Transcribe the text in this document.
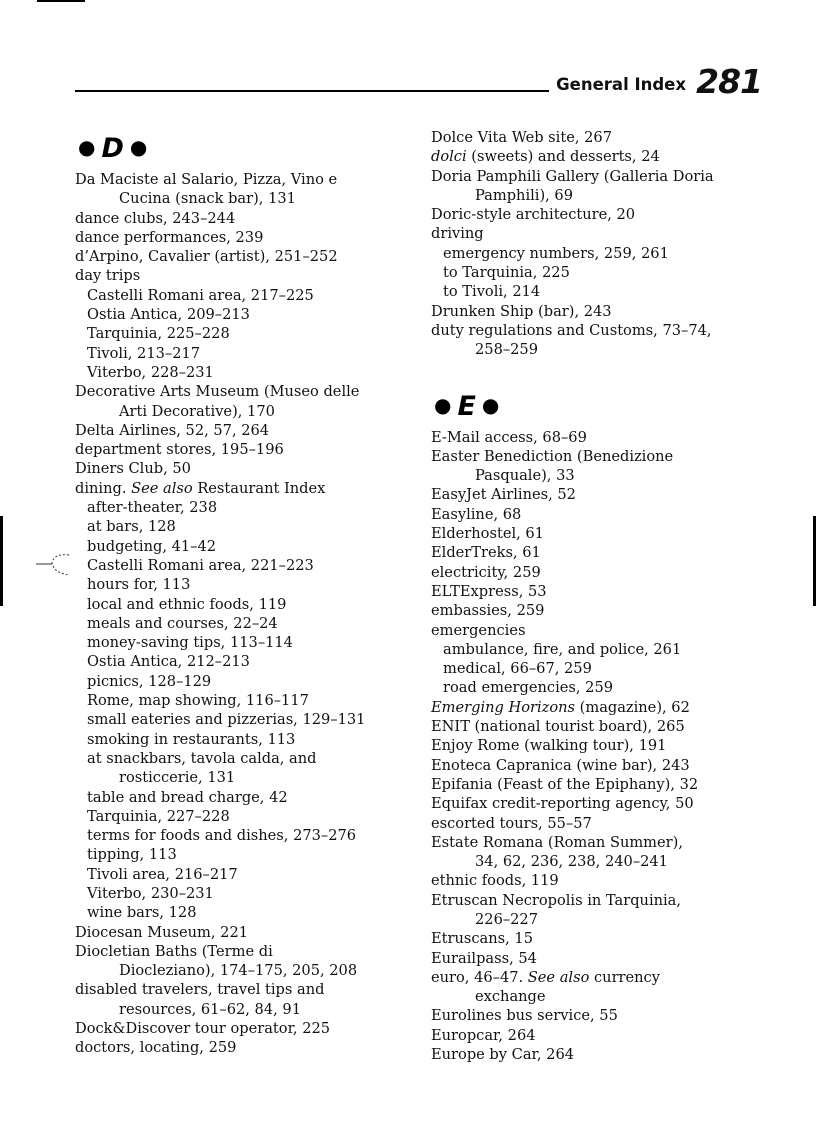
General Index 281
● D ●
Da Maciste al Salario, Pizza, Vino e
Cucina (snack bar), 131
dance clubs, 243–244
dance performances, 239
d’Arpino, Cavalier (artist), 251–252
day trips
Castelli Romani area, 217–225
Ostia Antica, 209–213
Tarquinia, 225–228
Tivoli, 213–217
Viterbo, 228–231
Decorative Arts Museum (Museo delle
Arti Decorative), 170
Delta Airlines, 52, 57, 264
department stores, 195–196
Diners Club, 50
dining. See also Restaurant Index
after-theater, 238
at bars, 128
budgeting, 41–42
Castelli Romani area, 221–223
hours for, 113
local and ethnic foods, 119
meals and courses, 22–24
money-saving tips, 113–114
Ostia Antica, 212–213
picnics, 128–129
Rome, map showing, 116–117
small eateries and pizzerias, 129–131
smoking in restaurants, 113
at snackbars, tavola calda, and
rosticcerie, 131
table and bread charge, 42
Tarquinia, 227–228
terms for foods and dishes, 273–276
tipping, 113
Tivoli area, 216–217
Viterbo, 230–231
wine bars, 128
Diocesan Museum, 221
Diocletian Baths (Terme di
Diocleziano), 174–175, 205, 208
disabled travelers, travel tips and
resources, 61–62, 84, 91
Dock&Discover tour operator, 225
doctors, locating, 259
Dolce Vita Web site, 267
dolci (sweets) and desserts, 24
Doria Pamphili Gallery (Galleria Doria
Pamphili), 69
Doric-style architecture, 20
driving
emergency numbers, 259, 261
to Tarquinia, 225
to Tivoli, 214
Drunken Ship (bar), 243
duty regulations and Customs, 73–74,
258–259
● E ●
E-Mail access, 68–69
Easter Benediction (Benedizione
Pasquale), 33
EasyJet Airlines, 52
Easyline, 68
Elderhostel, 61
ElderTreks, 61
electricity, 259
ELTExpress, 53
embassies, 259
emergencies
ambulance, fire, and police, 261
medical, 66–67, 259
road emergencies, 259
Emerging Horizons (magazine), 62
ENIT (national tourist board), 265
Enjoy Rome (walking tour), 191
Enoteca Capranica (wine bar), 243
Epifania (Feast of the Epiphany), 32
Equifax credit-reporting agency, 50
escorted tours, 55–57
Estate Romana (Roman Summer),
34, 62, 236, 238, 240–241
ethnic foods, 119
Etruscan Necropolis in Tarquinia,
226–227
Etruscans, 15
Eurailpass, 54
euro, 46–47. See also currency
exchange
Eurolines bus service, 55
Europcar, 264
Europe by Car, 264
